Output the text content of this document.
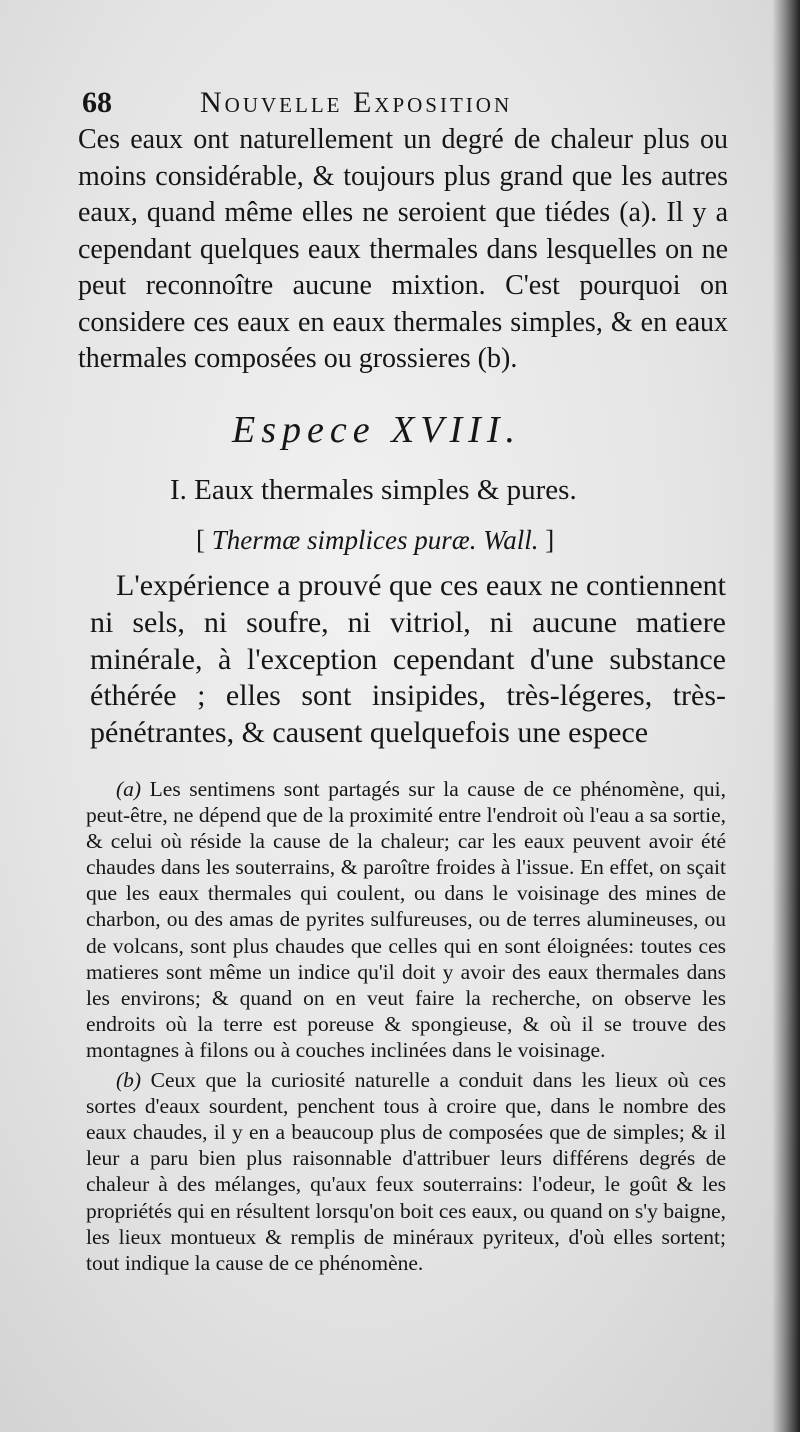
68	Nouvelle Exposition

Ces eaux ont naturellement un degré de chaleur plus ou moins considérable, & toujours plus grand que les autres eaux, quand même elles ne seroient que tiédes (a). Il y a cependant quelques eaux thermales dans lesquelles on ne peut reconnoître aucune mixtion. C'est pourquoi on considere ces eaux en eaux thermales simples, & en eaux thermales composées ou grossieres (b).

Espece XVIII.
I. Eaux thermales simples & pures.
[ Thermæ simplices puræ. Wall. ]

L'expérience a prouvé que ces eaux ne contiennent ni sels, ni soufre, ni vitriol, ni aucune matiere minérale, à l'exception cependant d'une substance éthérée ; elles sont insipides, très-légeres, très-pénétrantes, & causent quelquefois une espece

(a) Les sentimens sont partagés sur la cause de ce phénomène, qui, peut-être, ne dépend que de la proximité entre l'endroit où l'eau a sa sortie, & celui où réside la cause de la chaleur; car les eaux peuvent avoir été chaudes dans les souterrains, & paroître froides à l'issue. En effet, on sçait que les eaux thermales qui coulent, ou dans le voisinage des mines de charbon, ou des amas de pyrites sulfureuses, ou de terres alumineuses, ou de volcans, sont plus chaudes que celles qui en sont éloignées: toutes ces matieres sont même un indice qu'il doit y avoir des eaux thermales dans les environs; & quand on en veut faire la recherche, on observe les endroits où la terre est poreuse & spongieuse, & où il se trouve des montagnes à filons ou à couches inclinées dans le voisinage.

(b) Ceux que la curiosité naturelle a conduit dans les lieux où ces sortes d'eaux sourdent, penchent tous à croire que, dans le nombre des eaux chaudes, il y en a beaucoup plus de composées que de simples; & il leur a paru bien plus raisonnable d'attribuer leurs différens degrés de chaleur à des mélanges, qu'aux feux souterrains: l'odeur, le goût & les propriétés qui en résultent lorsqu'on boit ces eaux, ou quand on s'y baigne, les lieux montueux & remplis de minéraux pyriteux, d'où elles sortent; tout indique la cause de ce phénomène.
